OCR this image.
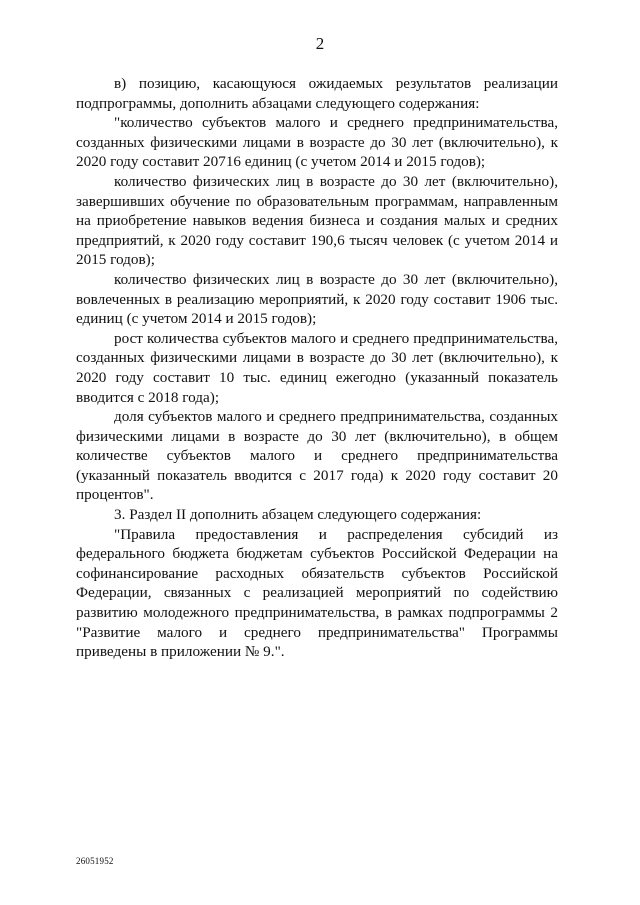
2

в) позицию, касающуюся ожидаемых результатов реализации подпрограммы, дополнить абзацами следующего содержания:

"количество субъектов малого и среднего предпринимательства, созданных физическими лицами в возрасте до 30 лет (включительно), к 2020 году составит 20716 единиц (с учетом 2014 и 2015 годов);

количество физических лиц в возрасте до 30 лет (включительно), завершивших обучение по образовательным программам, направленным на приобретение навыков ведения бизнеса и создания малых и средних предприятий, к 2020 году составит 190,6 тысяч человек (с учетом 2014 и 2015 годов);

количество физических лиц в возрасте до 30 лет (включительно), вовлеченных в реализацию мероприятий, к 2020 году составит 1906 тыс. единиц (с учетом 2014 и 2015 годов);

рост количества субъектов малого и среднего предпринимательства, созданных физическими лицами в возрасте до 30 лет (включительно), к 2020 году составит 10 тыс. единиц ежегодно (указанный показатель вводится с 2018 года);

доля субъектов малого и среднего предпринимательства, созданных физическими лицами в возрасте до 30 лет (включительно), в общем количестве субъектов малого и среднего предпринимательства (указанный показатель вводится с 2017 года) к 2020 году составит 20 процентов".

3. Раздел II дополнить абзацем следующего содержания:

"Правила предоставления и распределения субсидий из федерального бюджета бюджетам субъектов Российской Федерации на софинансирование расходных обязательств субъектов Российской Федерации, связанных с реализацией мероприятий по содействию развитию молодежного предпринимательства, в рамках подпрограммы 2 "Развитие малого и среднего предпринимательства" Программы приведены в приложении № 9.".

26051952
